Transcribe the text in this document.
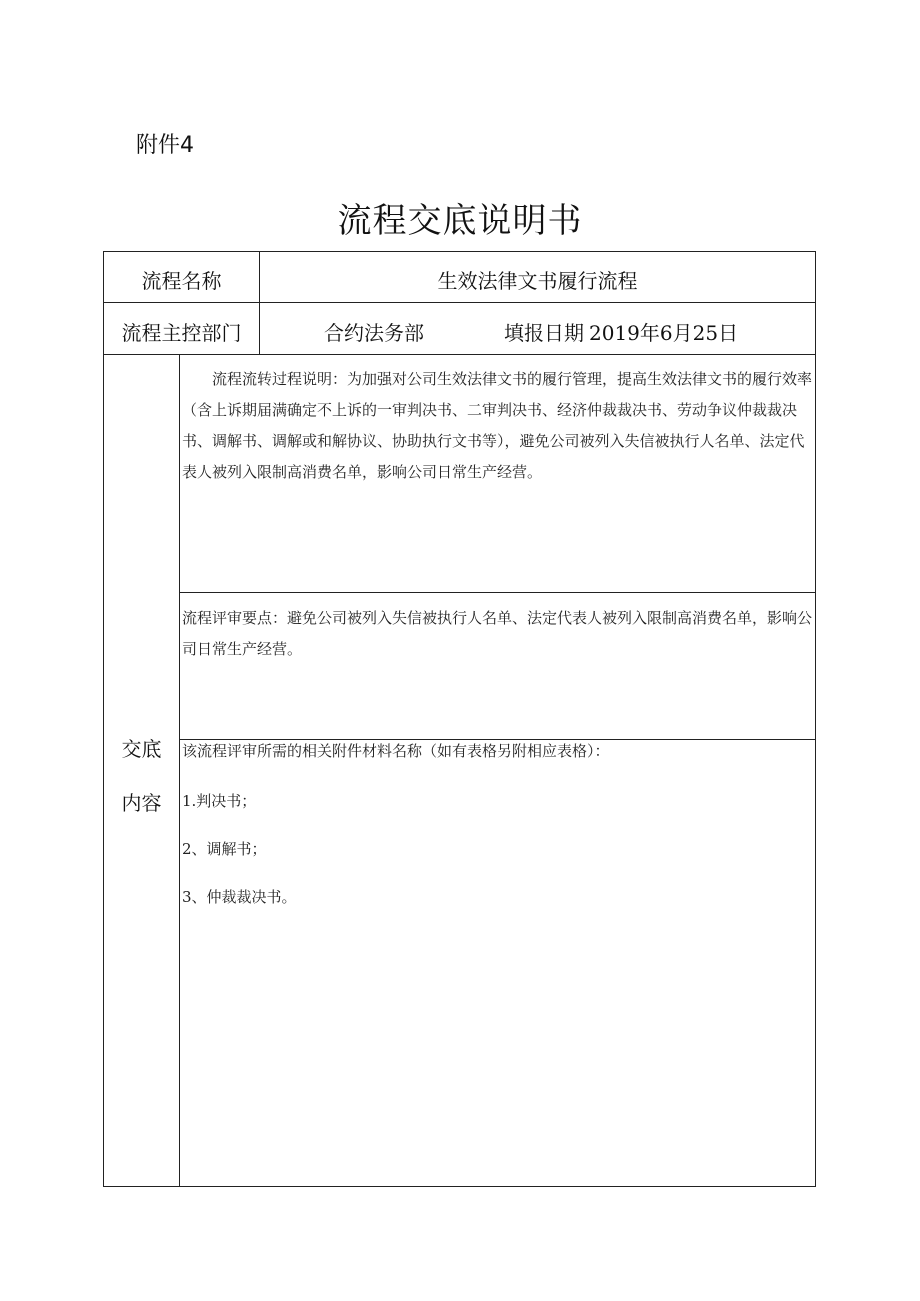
附件4
流程交底说明书
流程名称	生效法律文书履行流程
流程主控部门	合约法务部	填报日期 2019年6月25日
交底
内容
流程流转过程说明：为加强对公司生效法律文书的履行管理，提高生效法律文书的履行效率（含上诉期届满确定不上诉的一审判决书、二审判决书、经济仲裁裁决书、劳动争议仲裁裁决书、调解书、调解或和解协议、协助执行文书等），避免公司被列入失信被执行人名单、法定代表人被列入限制高消费名单，影响公司日常生产经营。
流程评审要点：避免公司被列入失信被执行人名单、法定代表人被列入限制高消费名单，影响公司日常生产经营。
该流程评审所需的相关附件材料名称（如有表格另附相应表格）：
1.判决书；
2、调解书；
3、仲裁裁决书。
